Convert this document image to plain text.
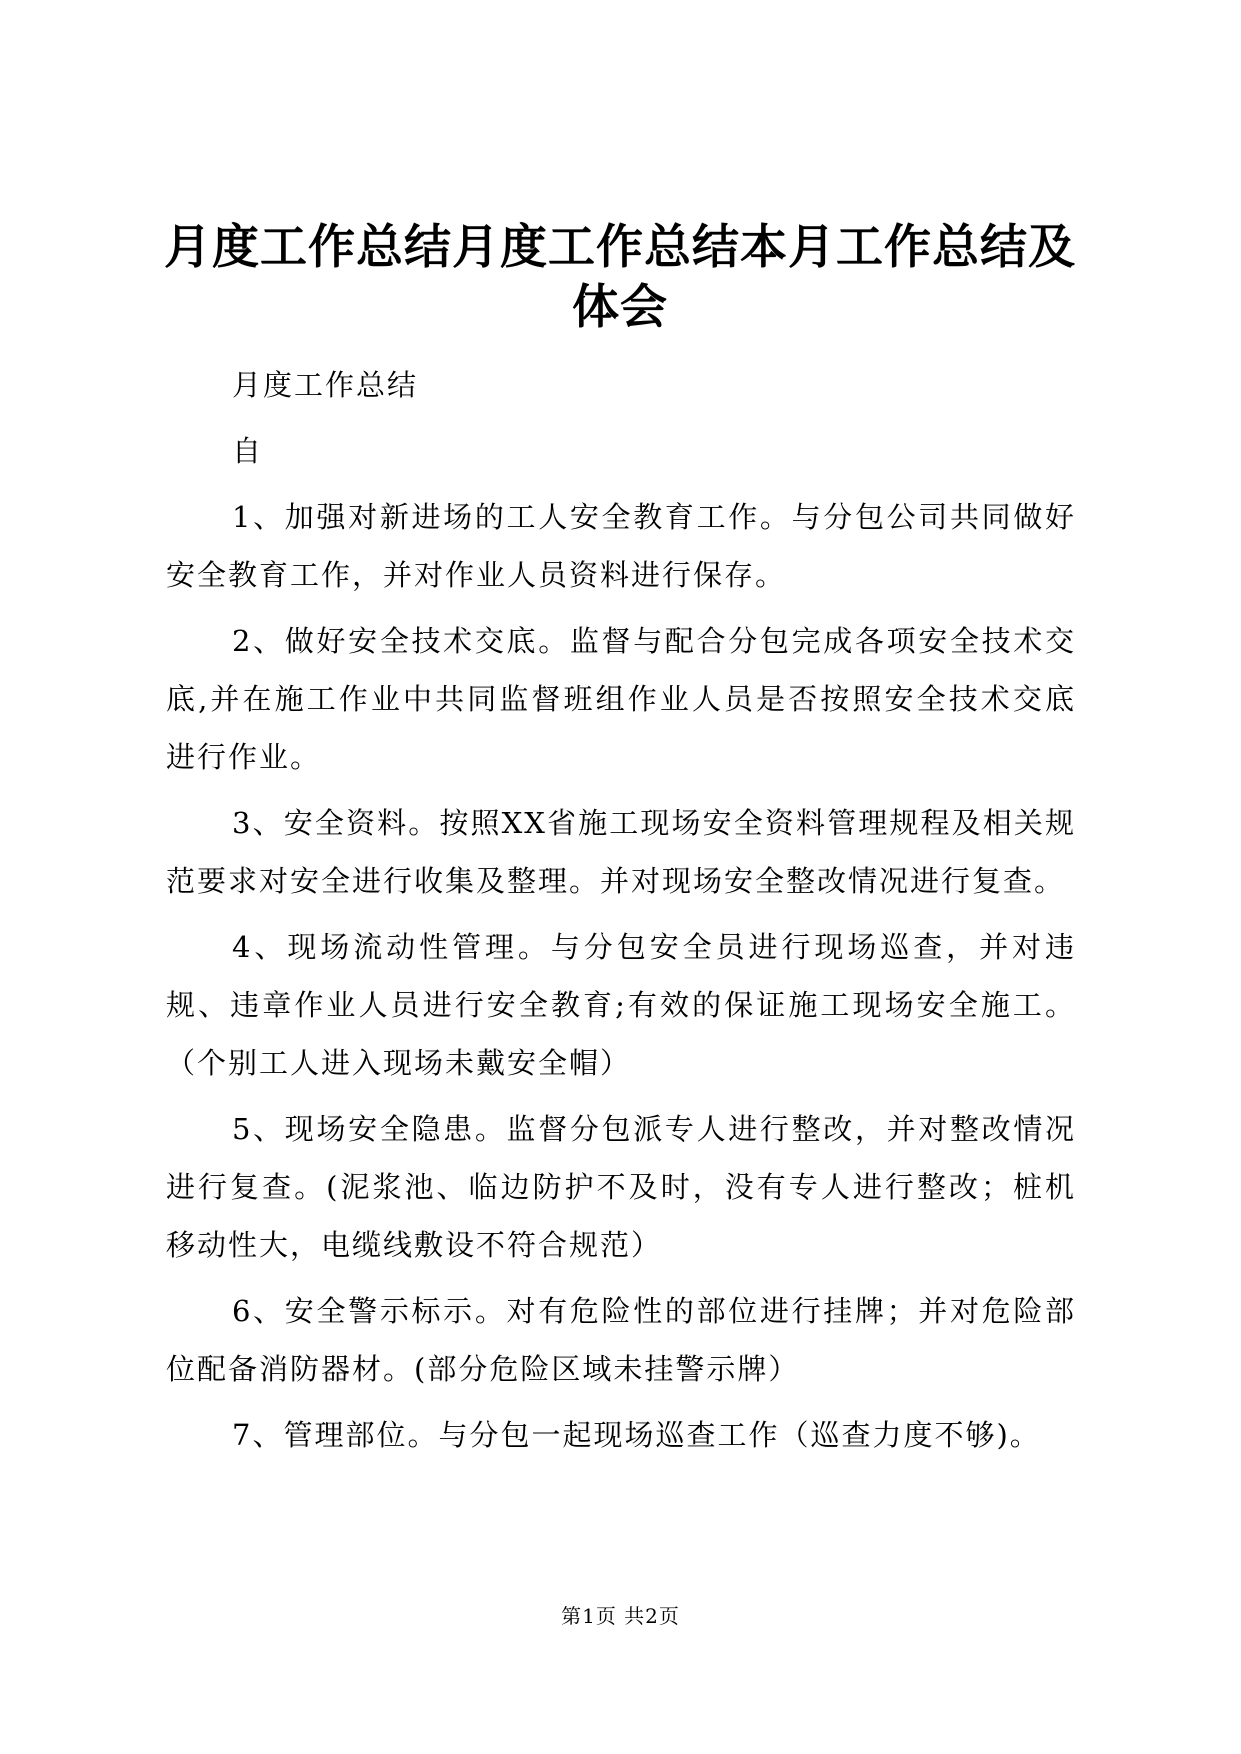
月度工作总结月度工作总结本月工作总结及体会

月度工作总结

自

1、加强对新进场的工人安全教育工作。与分包公司共同做好安全教育工作，并对作业人员资料进行保存。

2、做好安全技术交底。监督与配合分包完成各项安全技术交底,并在施工作业中共同监督班组作业人员是否按照安全技术交底进行作业。

3、安全资料。按照XX省施工现场安全资料管理规程及相关规范要求对安全进行收集及整理。并对现场安全整改情况进行复查。

4、现场流动性管理。与分包安全员进行现场巡查，并对违规、违章作业人员进行安全教育;有效的保证施工现场安全施工。（个别工人进入现场未戴安全帽）

5、现场安全隐患。监督分包派专人进行整改，并对整改情况进行复查。(泥浆池、临边防护不及时，没有专人进行整改；桩机移动性大，电缆线敷设不符合规范）

6、安全警示标示。对有危险性的部位进行挂牌；并对危险部位配备消防器材。(部分危险区域未挂警示牌）

7、管理部位。与分包一起现场巡查工作（巡查力度不够)。

第1页 共2页
